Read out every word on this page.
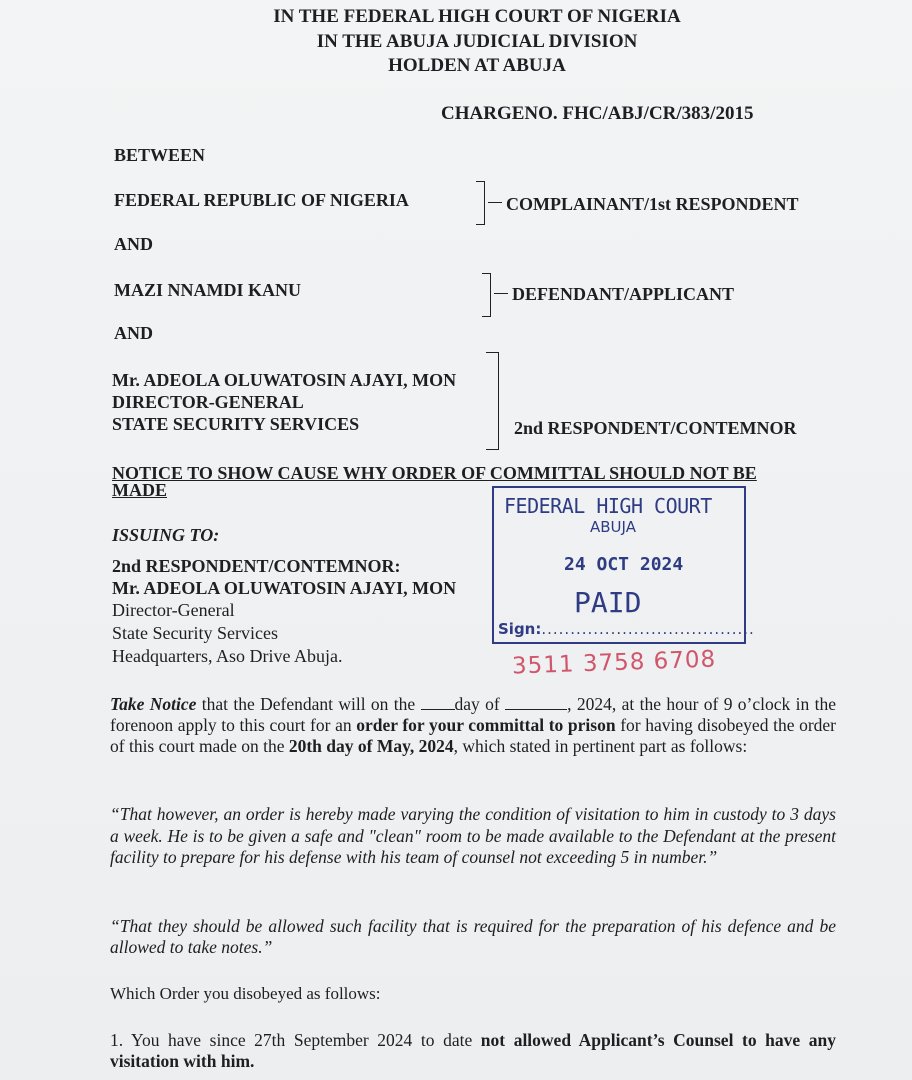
IN THE FEDERAL HIGH COURT OF NIGERIA
IN THE ABUJA JUDICIAL DIVISION
HOLDEN AT ABUJA
CHARGENO. FHC/ABJ/CR/383/2015
BETWEEN
FEDERAL REPUBLIC OF NIGERIA	COMPLAINANT/1st RESPONDENT
AND
MAZI NNAMDI KANU	DEFENDANT/APPLICANT
AND
Mr. ADEOLA OLUWATOSIN AJAYI, MON
DIRECTOR-GENERAL
STATE SECURITY SERVICES	2nd RESPONDENT/CONTEMNOR
NOTICE TO SHOW CAUSE WHY ORDER OF COMMITTAL SHOULD NOT BE
MADE
ISSUING TO:
2nd RESPONDENT/CONTEMNOR:
Mr. ADEOLA OLUWATOSIN AJAYI, MON
Director-General
State Security Services
Headquarters, Aso Drive Abuja.
FEDERAL HIGH COURT
ABUJA
24 OCT 2024
PAID
Sign:.....................................
3511 3758 6708
Take Notice that the Defendant will on the day of	, 2024, at the hour of 9 o’clock in the forenoon apply to this court for an order for your committal to prison for having disobeyed the order of this court made on the 20th day of May, 2024, which stated in pertinent part as follows:
“That however, an order is hereby made varying the condition of visitation to him in custody to 3 days a week. He is to be given a safe and "clean" room to be made available to the Defendant at the present facility to prepare for his defense with his team of counsel not exceeding 5 in number.”
“That they should be allowed such facility that is required for the preparation of his defence and be allowed to take notes.”
Which Order you disobeyed as follows:
1. You have since 27th September 2024 to date not allowed Applicant’s Counsel to have any visitation with him.
